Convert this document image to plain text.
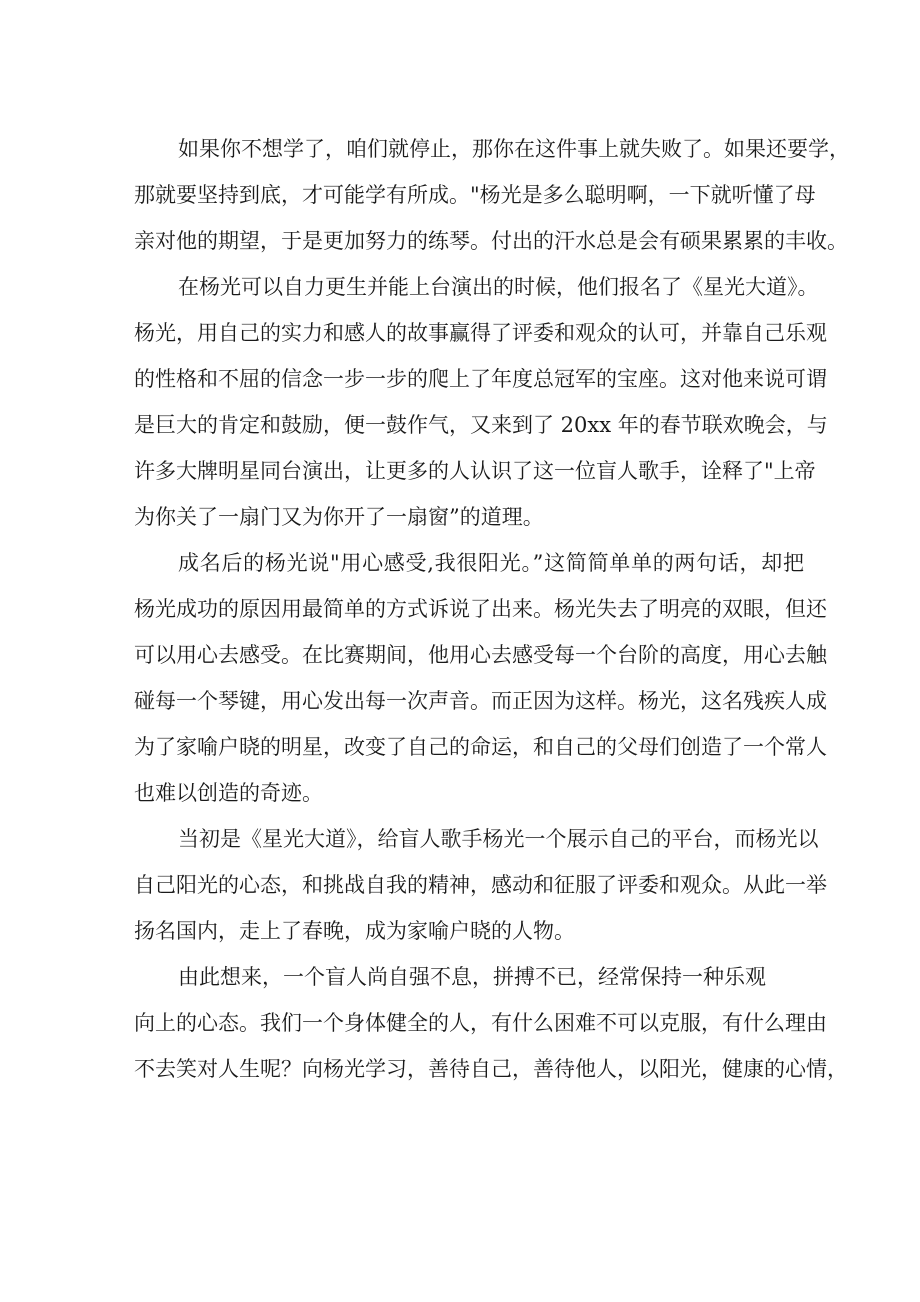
如果你不想学了，咱们就停止，那你在这件事上就失败了。如果还要学，
那就要坚持到底，才可能学有所成。"杨光是多么聪明啊，一下就听懂了母
亲对他的期望，于是更加努力的练琴。付出的汗水总是会有硕果累累的丰收。
在杨光可以自力更生并能上台演出的时候，他们报名了《星光大道》。
杨光，用自己的实力和感人的故事赢得了评委和观众的认可，并靠自己乐观
的性格和不屈的信念一步一步的爬上了年度总冠军的宝座。这对他来说可谓
是巨大的肯定和鼓励，便一鼓作气，又来到了 20xx 年的春节联欢晚会，与
许多大牌明星同台演出，让更多的人认识了这一位盲人歌手，诠释了"上帝
为你关了一扇门又为你开了一扇窗”的道理。
成名后的杨光说"用心感受,我很阳光。”这简简单单的两句话，却把
杨光成功的原因用最简单的方式诉说了出来。杨光失去了明亮的双眼，但还
可以用心去感受。在比赛期间，他用心去感受每一个台阶的高度，用心去触
碰每一个琴键，用心发出每一次声音。而正因为这样。杨光，这名残疾人成
为了家喻户晓的明星，改变了自己的命运，和自己的父母们创造了一个常人
也难以创造的奇迹。
当初是《星光大道》，给盲人歌手杨光一个展示自己的平台，而杨光以
自己阳光的心态，和挑战自我的精神，感动和征服了评委和观众。从此一举
扬名国内，走上了春晚，成为家喻户晓的人物。
由此想来，一个盲人尚自强不息，拼搏不已，经常保持一种乐观
向上的心态。我们一个身体健全的人，有什么困难不可以克服，有什么理由
不去笑对人生呢？向杨光学习，善待自己，善待他人，以阳光，健康的心情，
